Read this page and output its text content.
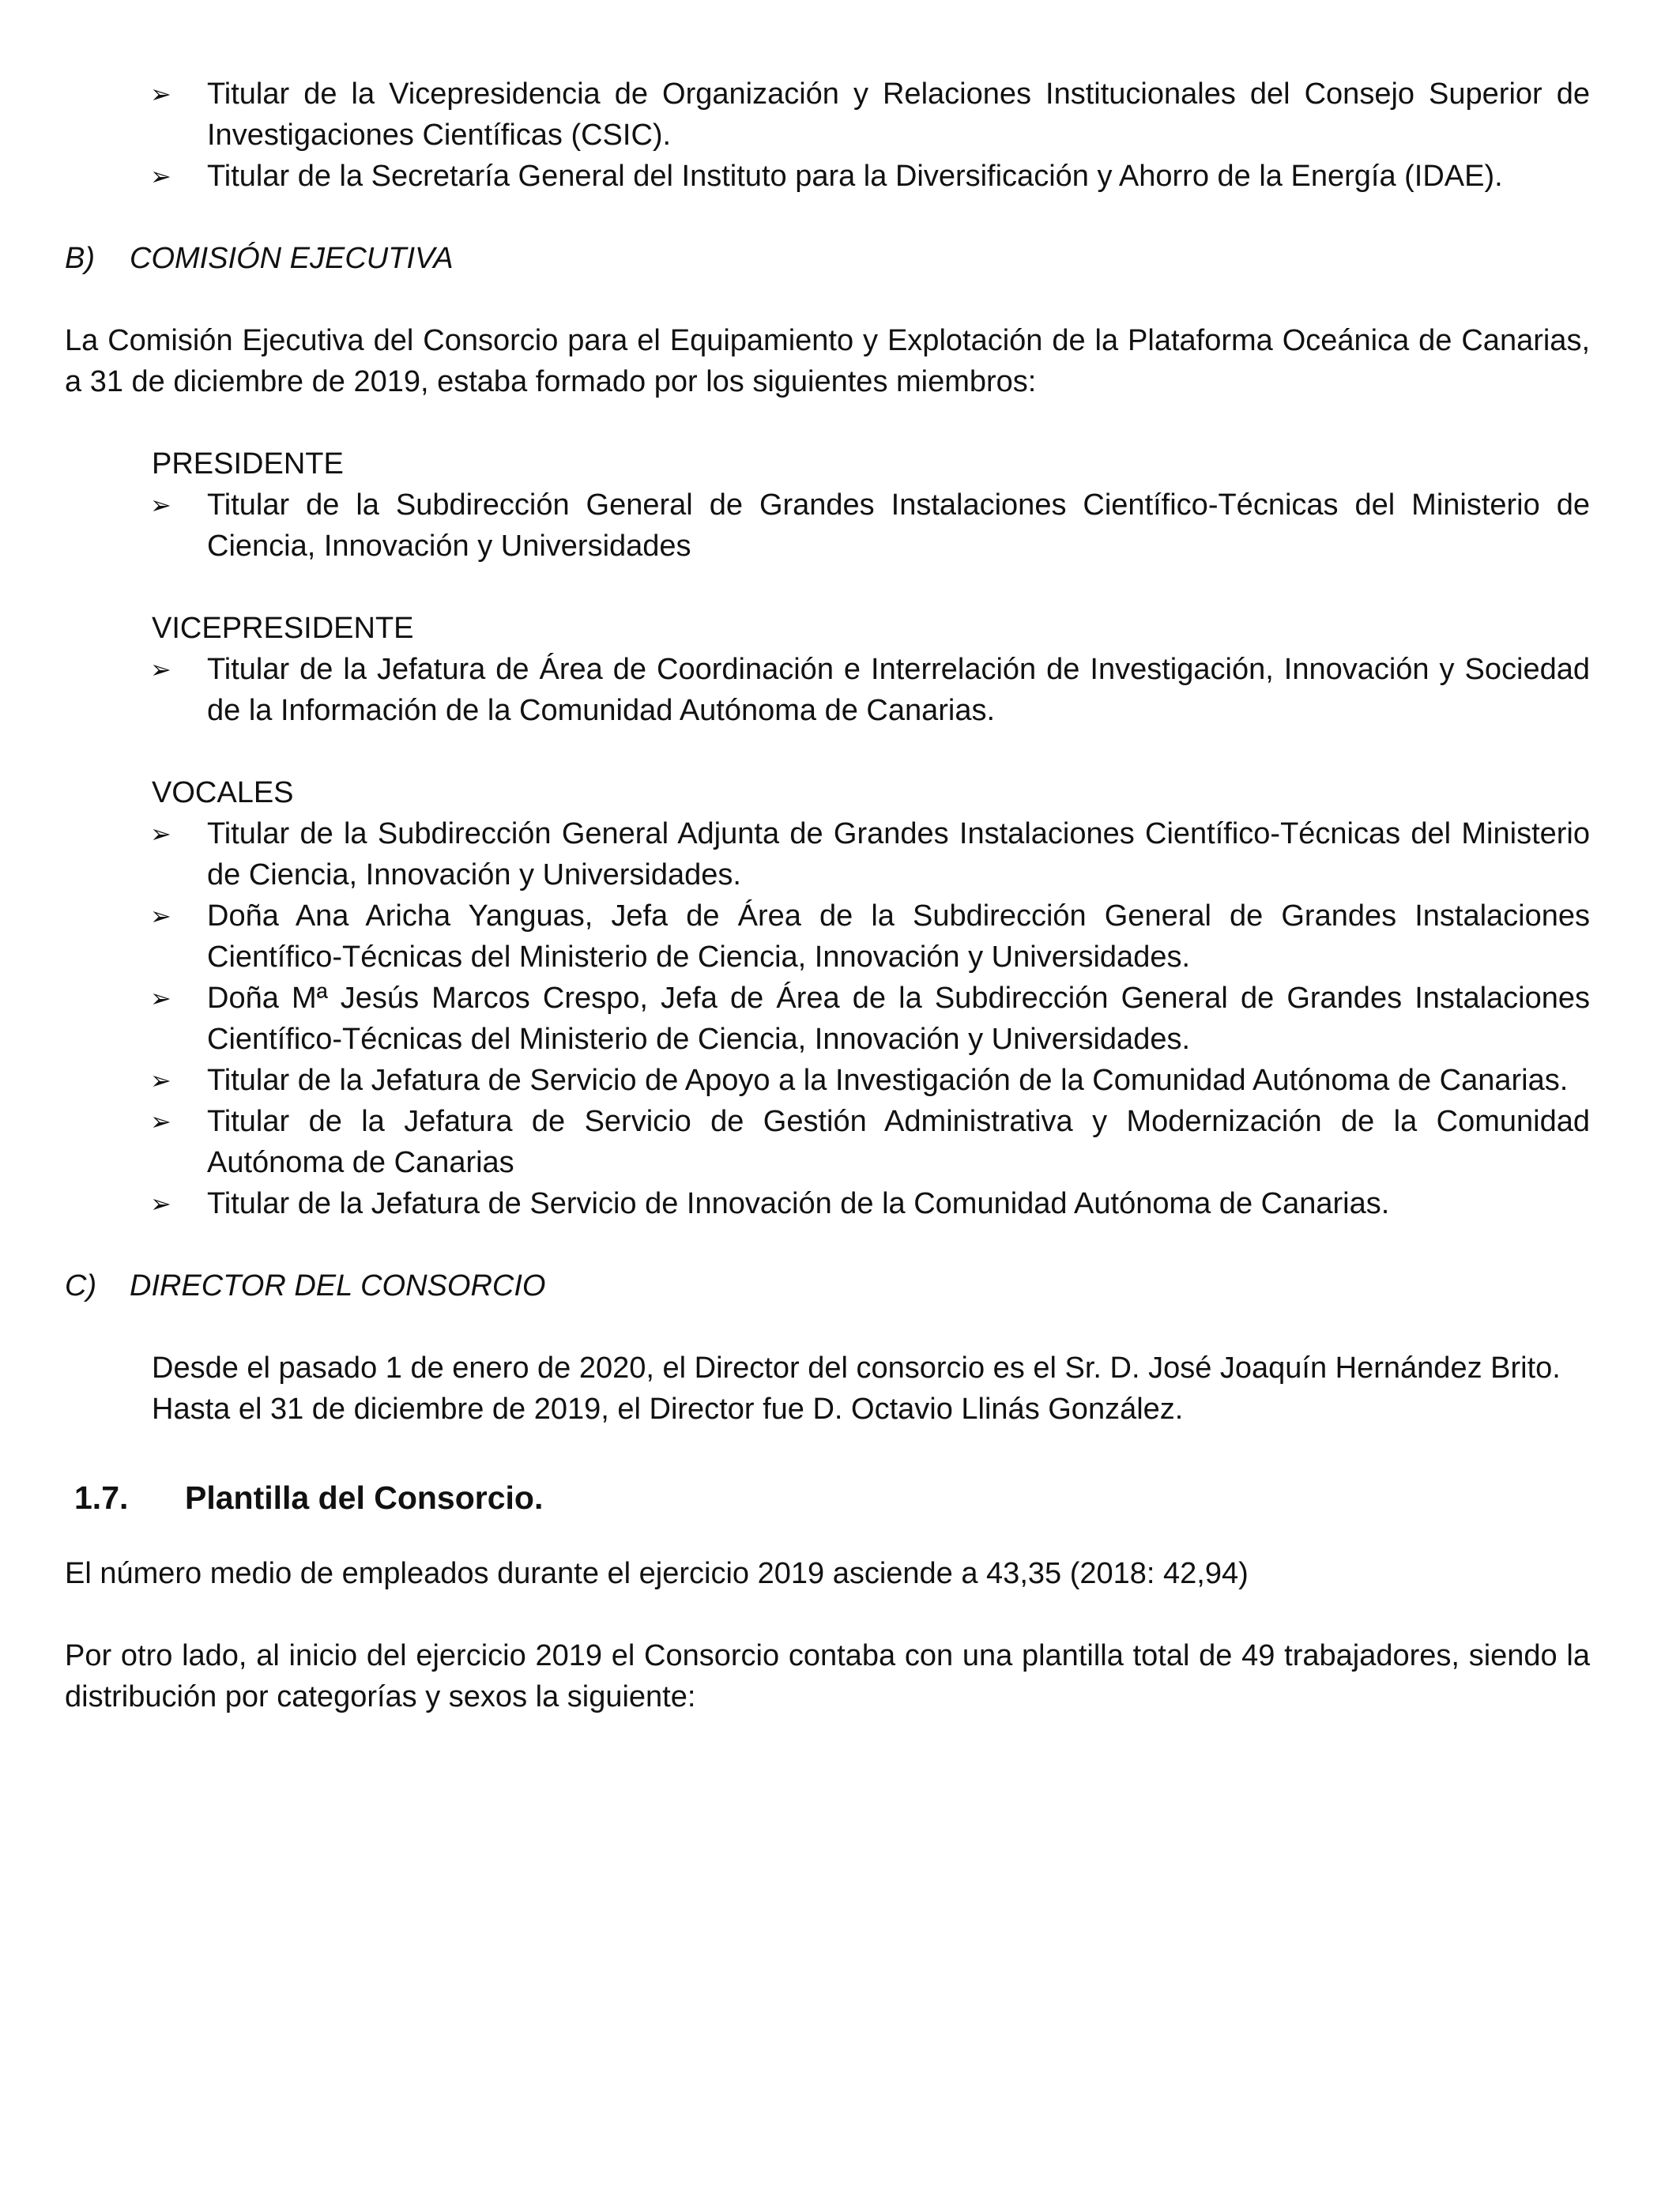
➢ Titular de la Vicepresidencia de Organización y Relaciones Institucionales del Consejo Superior de Investigaciones Científicas (CSIC).
➢ Titular de la Secretaría General del Instituto para la Diversificación y Ahorro de la Energía (IDAE).
B)	COMISIÓN EJECUTIVA

La Comisión Ejecutiva del Consorcio para el Equipamiento y Explotación de la Plataforma Oceánica de Canarias, a 31 de diciembre de 2019, estaba formado por los siguientes miembros:

PRESIDENTE
➢ Titular de la Subdirección General de Grandes Instalaciones Científico-Técnicas del Ministerio de Ciencia, Innovación y Universidades
VICEPRESIDENTE
➢ Titular de la Jefatura de Área de Coordinación e Interrelación de Investigación, Innovación y Sociedad de la Información de la Comunidad Autónoma de Canarias.
VOCALES
➢ Titular de la Subdirección General Adjunta de Grandes Instalaciones Científico-Técnicas del Ministerio de Ciencia, Innovación y Universidades.
➢ Doña Ana Aricha Yanguas, Jefa de Área de la Subdirección General de Grandes Instalaciones Científico-Técnicas del Ministerio de Ciencia, Innovación y Universidades.
➢ Doña Mª Jesús Marcos Crespo, Jefa de Área de la Subdirección General de Grandes Instalaciones Científico-Técnicas del Ministerio de Ciencia, Innovación y Universidades.
➢ Titular de la Jefatura de Servicio de Apoyo a la Investigación de la Comunidad Autónoma de Canarias.
➢ Titular de la Jefatura de Servicio de Gestión Administrativa y Modernización de la Comunidad Autónoma de Canarias
➢ Titular de la Jefatura de Servicio de Innovación de la Comunidad Autónoma de Canarias.
C)	DIRECTOR DEL CONSORCIO

Desde el pasado 1 de enero de 2020, el Director del consorcio es el Sr. D. José Joaquín Hernández Brito.

Hasta el 31 de diciembre de 2019, el Director fue D. Octavio Llinás González.

1.7.	Plantilla del Consorcio.

El número medio de empleados durante el ejercicio 2019 asciende a 43,35 (2018: 42,94)

Por otro lado, al inicio del ejercicio 2019 el Consorcio contaba con una plantilla total de 49 trabajadores, siendo la distribución por categorías y sexos la siguiente:
